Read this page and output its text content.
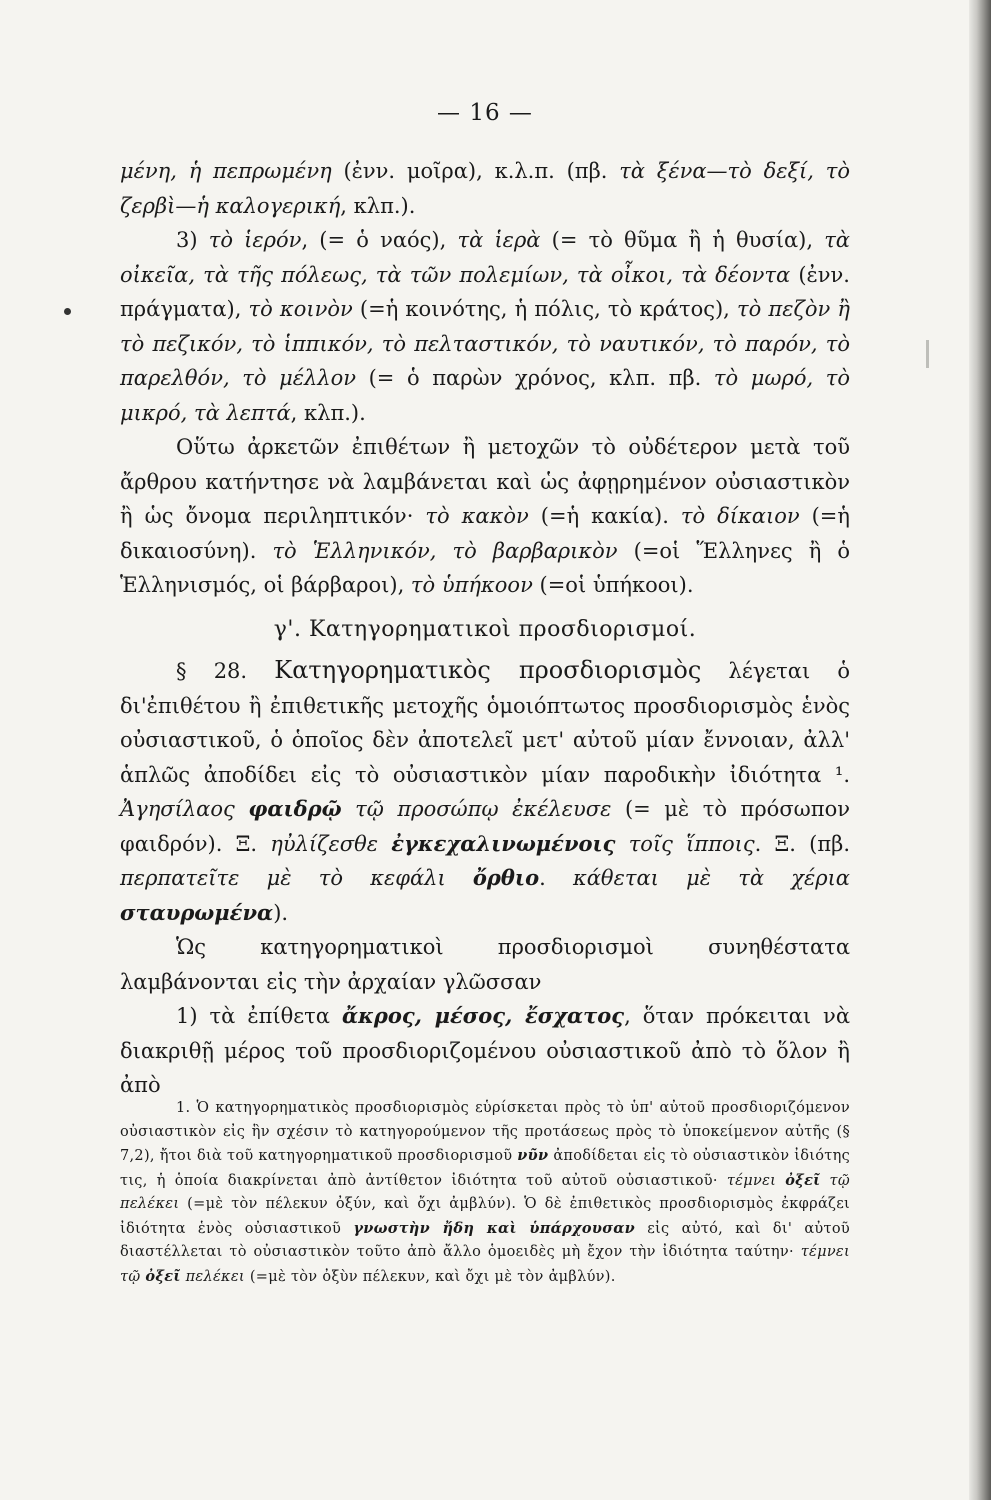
— 16 —

μένη, ἡ πεπρωμένη (ἐνν. μοῖρα), κ.λ.π. (πβ. τὰ ξένα—τὸ δεξί, τὸ ζερβὶ—ἡ καλογερική, κλπ.).

3) τὸ ἱερόν, (= ὁ ναός), τὰ ἱερὰ (= τὸ θῦμα ἢ ἡ θυσία), τὰ οἰκεῖα, τὰ τῆς πόλεως, τὰ τῶν πολεμίων, τὰ οἶκοι, τὰ δέοντα (ἐνν. πράγματα), τὸ κοινὸν (=ἡ κοινότης, ἡ πόλις, τὸ κράτος), τὸ πεζὸν ἢ τὸ πεζικόν, τὸ ἱππικόν, τὸ πελταστικόν, τὸ ναυτικόν, τὸ παρόν, τὸ παρελθόν, τὸ μέλλον (= ὁ παρὼν χρόνος, κλπ. πβ. τὸ μωρό, τὸ μικρό, τὰ λεπτά, κλπ.).

Οὕτω ἀρκετῶν ἐπιθέτων ἢ μετοχῶν τὸ οὐδέτερον μετὰ τοῦ ἄρθρου κατήντησε νὰ λαμβάνεται καὶ ὡς ἀφῃρημένον οὐσιαστικὸν ἢ ὡς ὄνομα περιληπτικόν· τὸ κακὸν (=ἡ κακία). τὸ δίκαιον (=ἡ δικαιοσύνη). τὸ Ἑλληνικόν, τὸ βαρβαρικὸν (=οἱ Ἕλληνες ἢ ὁ Ἑλληνισμός, οἱ βάρβαροι), τὸ ὑπήκοον (=οἱ ὑπήκοοι).

γ'. Κατηγορηματικοὶ προσδιορισμοί.

§ 28. Κατηγορηματικὸς προσδιορισμὸς λέγεται ὁ δι'ἐπιθέτου ἢ ἐπιθετικῆς μετοχῆς ὁμοιόπτωτος προσδιορισμὸς ἑνὸς οὐσιαστικοῦ, ὁ ὁποῖος δὲν ἀποτελεῖ μετ' αὐτοῦ μίαν ἔννοιαν, ἀλλ' ἁπλῶς ἀποδίδει εἰς τὸ οὐσιαστικὸν μίαν παροδικὴν ἰδιότητα ¹. Ἀγησίλαος φαιδρῷ τῷ προσώπῳ ἐκέλευσε (= μὲ τὸ πρόσωπον φαιδρόν). Ξ. ηὐλίζεσθε ἐγκεχαλινωμένοις τοῖς ἵπποις. Ξ. (πβ. περπατεῖτε μὲ τὸ κεφάλι ὄρθιο. κάθεται μὲ τὰ χέρια σταυρωμένα).

Ὡς κατηγορηματικοὶ προσδιορισμοὶ συνηθέστατα λαμβάνονται εἰς τὴν ἀρχαίαν γλῶσσαν

1) τὰ ἐπίθετα ἄκρος, μέσος, ἔσχατος, ὅταν πρόκειται νὰ διακριθῇ μέρος τοῦ προσδιοριζομένου οὐσιαστικοῦ ἀπὸ τὸ ὅλον ἢ ἀπὸ

1. Ὁ κατηγορηματικὸς προσδιορισμὸς εὑρίσκεται πρὸς τὸ ὑπ' αὐτοῦ προσδιοριζόμενον οὐσιαστικὸν εἰς ἣν σχέσιν τὸ κατηγορούμενον τῆς προτάσεως πρὸς τὸ ὑποκείμενον αὐτῆς (§ 7,2), ἤτοι διὰ τοῦ κατηγορηματικοῦ προσδιορισμοῦ νῦν ἀποδίδεται εἰς τὸ οὐσιαστικὸν ἰδιότης τις, ἡ ὁποία διακρίνεται ἀπὸ ἀντίθετον ἰδιότητα τοῦ αὐτοῦ οὐσιαστικοῦ· τέμνει ὀξεῖ τῷ πελέκει (=μὲ τὸν πέλεκυν ὀξύν, καὶ ὄχι ἀμβλύν). Ὁ δὲ ἐπιθετικὸς προσδιορισμὸς ἐκφράζει ἰδιότητα ἑνὸς οὐσιαστικοῦ γνωστὴν ἤδη καὶ ὑπάρχουσαν εἰς αὐτό, καὶ δι' αὐτοῦ διαστέλλεται τὸ οὐσιαστικὸν τοῦτο ἀπὸ ἄλλο ὁμοειδὲς μὴ ἔχον τὴν ἰδιότητα ταύτην· τέμνει τῷ ὀξεῖ πελέκει (=μὲ τὸν ὀξὺν πέλεκυν, καὶ ὄχι μὲ τὸν ἀμβλύν).
